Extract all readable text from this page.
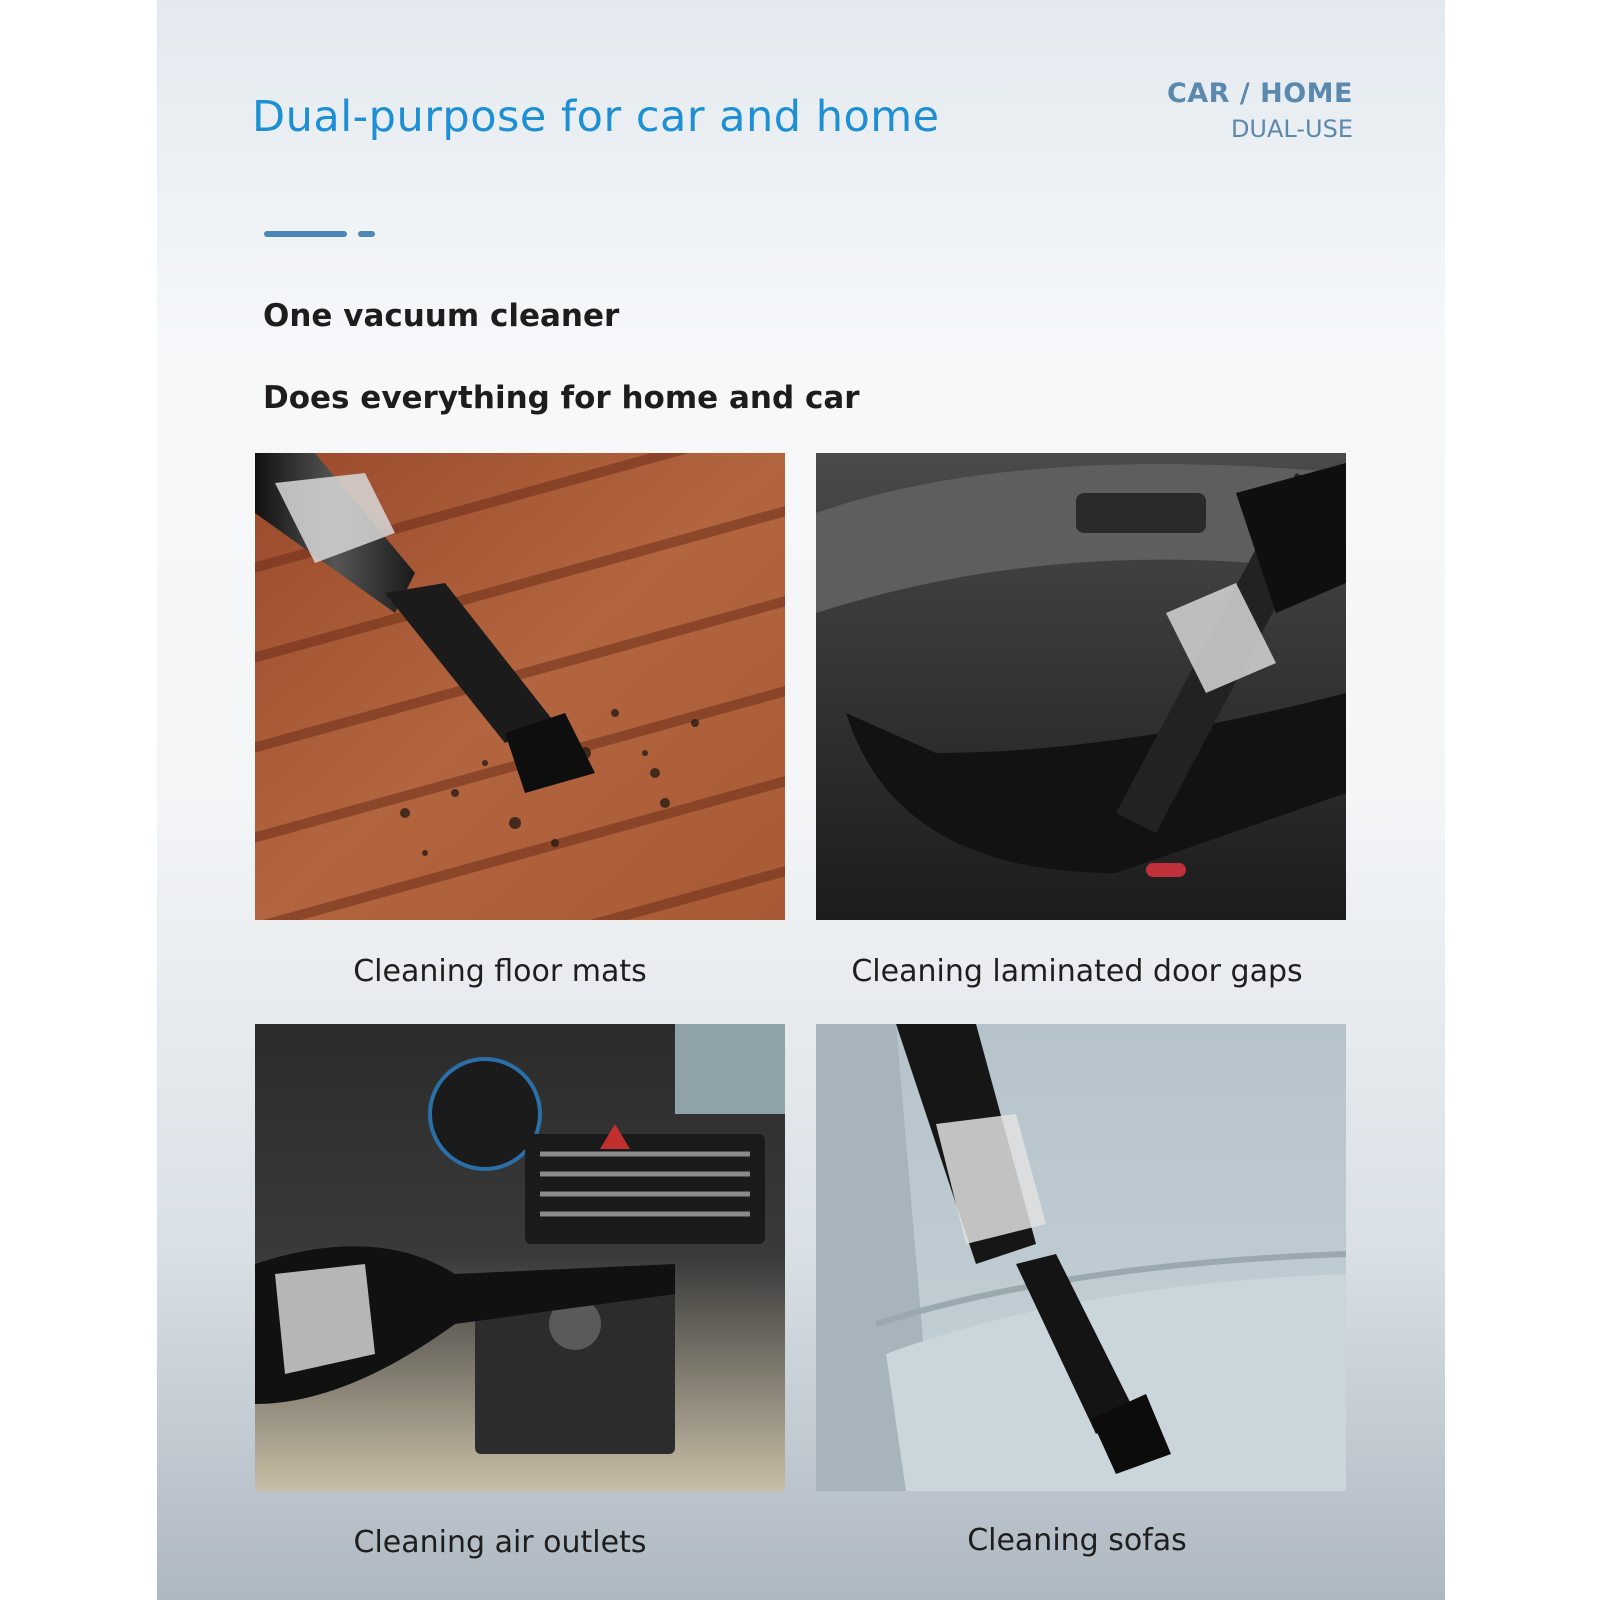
Dual-purpose for car and home	CAR / HOME
DUAL-USE
One vacuum cleaner
Does everything for home and car
Cleaning floor mats	Cleaning laminated door gaps
Cleaning air outlets	Cleaning sofas
